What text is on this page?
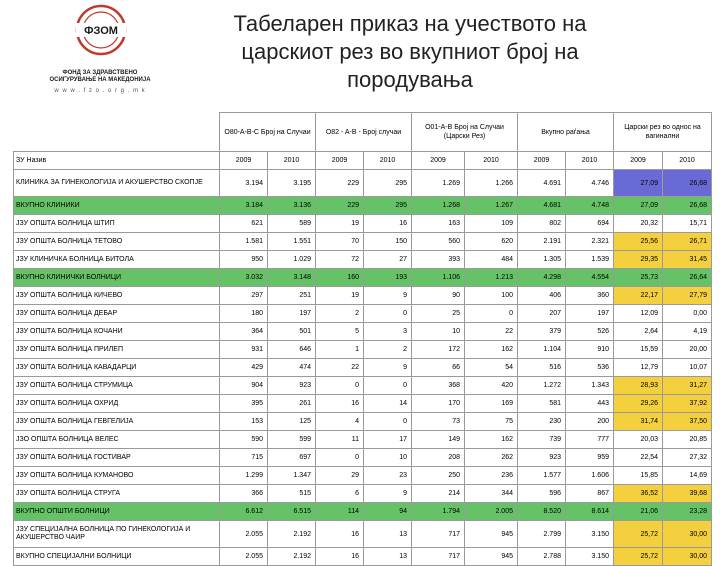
ФЗОМ
ФОНД ЗА ЗДРАВСТВЕНО
ОСИГУРУВАЊЕ НА МАКЕДОНИЈА
w w w . f z o . o r g . m k
Табеларен приказ на учеството на царскиот рез во вкупниот број на породувања
	O80-A-B-C Број на Случаи		O82 - A-B - Број случаи		O01-A-B Број на Случаи (Царски Рез)		Вкупно раѓања		Царски рез во однос на вагинални	
ЗУ Назив	2009	2010	2009	2010	2009	2010	2009	2010	2009	2010
КЛИНИКА ЗА ГИНЕКОЛОГИЈА И АКУШЕРСТВО СКОПЈЕ	3.194	3.195	229	295	1.269	1.266	4.691	4.746	27,09	26,68
ВКУПНО КЛИНИКИ	3.184	3.136	229	295	1.268	1.267	4.681	4.748	27,09	26,68
ЈЗУ ОПШТА БОЛНИЦА ШТИП	621	589	19	16	163	109	802	694	20,32	15,71
ЈЗУ ОПШТА БОЛНИЦА ТЕТОВО	1.581	1.551	70	150	560	620	2.191	2.321	25,56	26,71
ЈЗУ КЛИНИЧКА БОЛНИЦА БИТОЛА	950	1.029	72	27	393	484	1.305	1.539	29,35	31,45
ВКУПНО КЛИНИЧКИ БОЛНИЦИ	3.032	3.148	160	193	1.106	1.213	4.298	4.554	25,73	26,64
ЈЗУ ОПШТА БОЛНИЦА КИЧЕВО	297	251	19	9	90	100	406	360	22,17	27,79
ЈЗУ ОПШТА БОЛНИЦА ДЕБАР	180	197	2	0	25	0	207	197	12,09	0,00
ЈЗУ ОПШТА БОЛНИЦА КОЧАНИ	364	501	5	3	10	22	379	526	2,64	4,19
ЈЗУ ОПШТА БОЛНИЦА ПРИЛЕП	931	646	1	2	172	162	1.104	910	15,59	20,00
ЈЗУ ОПШТА БОЛНИЦА КАВАДАРЦИ	429	474	22	9	66	54	516	536	12,79	10,07
ЈЗУ ОПШТА БОЛНИЦА СТРУМИЦА	904	923	0	0	368	420	1.272	1.343	28,93	31,27
ЈЗУ ОПШТА БОЛНИЦА ОХРИД	395	261	16	14	170	169	581	443	29,26	37,92
ЈЗУ ОПШТА БОЛНИЦА ГЕВГЕЛИЈА	153	125	4	0	73	75	230	200	31,74	37,50
ЈЗО ОПШТА БОЛНИЦА ВЕЛЕС	590	599	11	17	149	162	739	777	20,03	20,85
ЈЗУ ОПШТА БОЛНИЦА ГОСТИВАР	715	697	0	10	208	262	923	959	22,54	27,32
ЈЗУ ОПШТА БОЛНИЦА КУМАНОВО	1.299	1.347	29	23	250	236	1.577	1.606	15,85	14,69
ЈЗУ ОПШТА БОЛНИЦА СТРУГА	366	515	6	9	214	344	596	867	36,52	39,68
ВКУПНО ОПШТИ БОЛНИЦИ	6.612	6.515	114	94	1.794	2.005	8.520	8.614	21,06	23,28
ЈЗУ СПЕЦИЈАЛНА БОЛНИЦА ПО ГИНЕКОЛОГИЈА И АКУШЕРСТВО ЧАИР	2.055	2.192	16	13	717	945	2.799	3.150	25,72	30,00
ВКУПНО СПЕЦИЈАЛНИ БОЛНИЦИ	2.055	2.192	16	13	717	945	2.788	3.150	25,72	30,00
